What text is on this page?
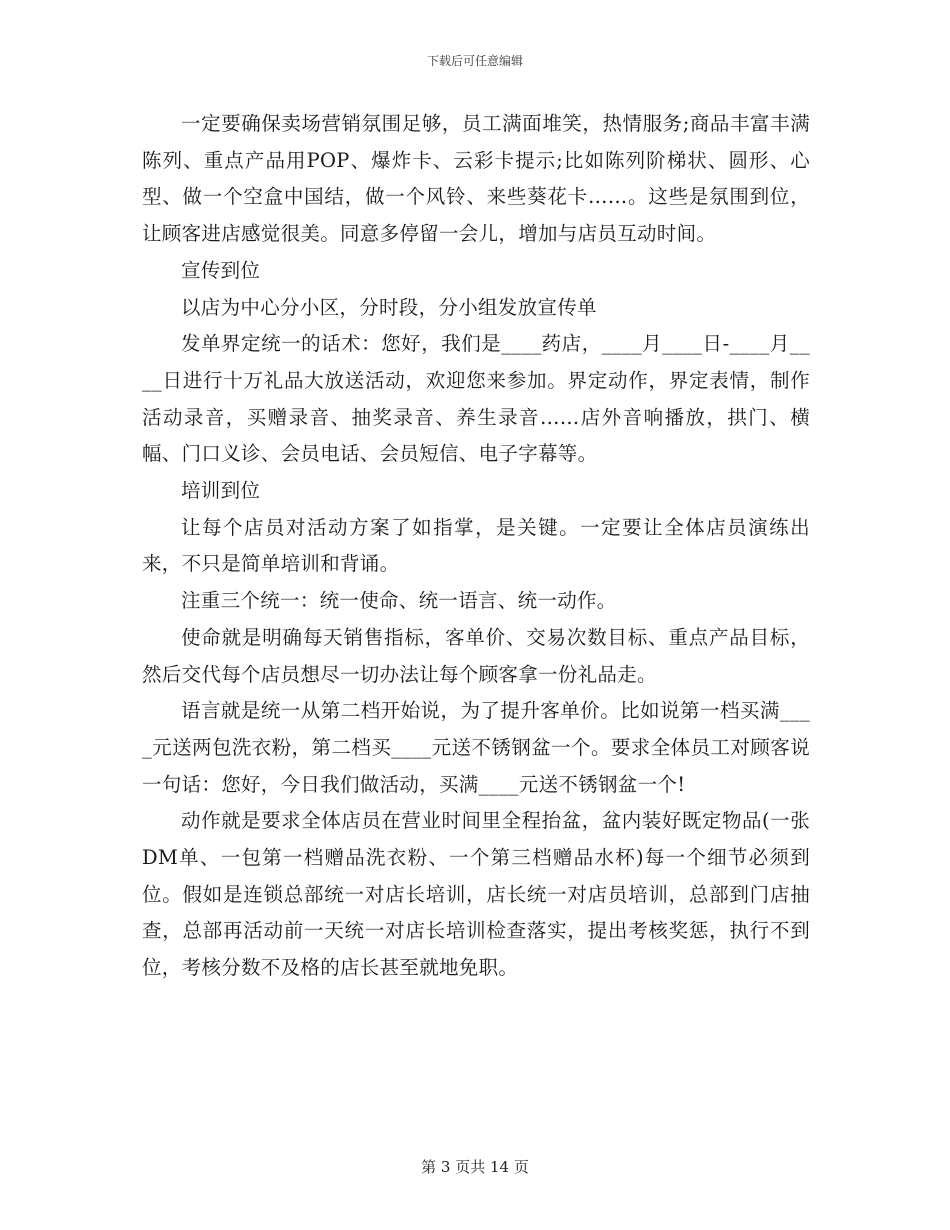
下载后可任意编辑

一定要确保卖场营销氛围足够，员工满面堆笑，热情服务;商品丰富丰满陈列、重点产品用POP、爆炸卡、云彩卡提示;比如陈列阶梯状、圆形、心型、做一个空盒中国结，做一个风铃、来些葵花卡……。这些是氛围到位，让顾客进店感觉很美。同意多停留一会儿，增加与店员互动时间。

宣传到位

以店为中心分小区，分时段，分小组发放宣传单

发单界定统一的话术：您好，我们是____药店，____月____日-____月____日进行十万礼品大放送活动，欢迎您来参加。界定动作，界定表情，制作活动录音，买赠录音、抽奖录音、养生录音……店外音响播放，拱门、横幅、门口义诊、会员电话、会员短信、电子字幕等。

培训到位

让每个店员对活动方案了如指掌，是关键。一定要让全体店员演练出来，不只是简单培训和背诵。

注重三个统一：统一使命、统一语言、统一动作。

使命就是明确每天销售指标，客单价、交易次数目标、重点产品目标，然后交代每个店员想尽一切办法让每个顾客拿一份礼品走。

语言就是统一从第二档开始说，为了提升客单价。比如说第一档买满____元送两包洗衣粉，第二档买____元送不锈钢盆一个。要求全体员工对顾客说一句话：您好，今日我们做活动，买满____元送不锈钢盆一个!

动作就是要求全体店员在营业时间里全程抬盆，盆内装好既定物品(一张DM单、一包第一档赠品洗衣粉、一个第三档赠品水杯)每一个细节必须到位。假如是连锁总部统一对店长培训，店长统一对店员培训，总部到门店抽查，总部再活动前一天统一对店长培训检查落实，提出考核奖惩，执行不到位，考核分数不及格的店长甚至就地免职。

第 3 页共 14 页
